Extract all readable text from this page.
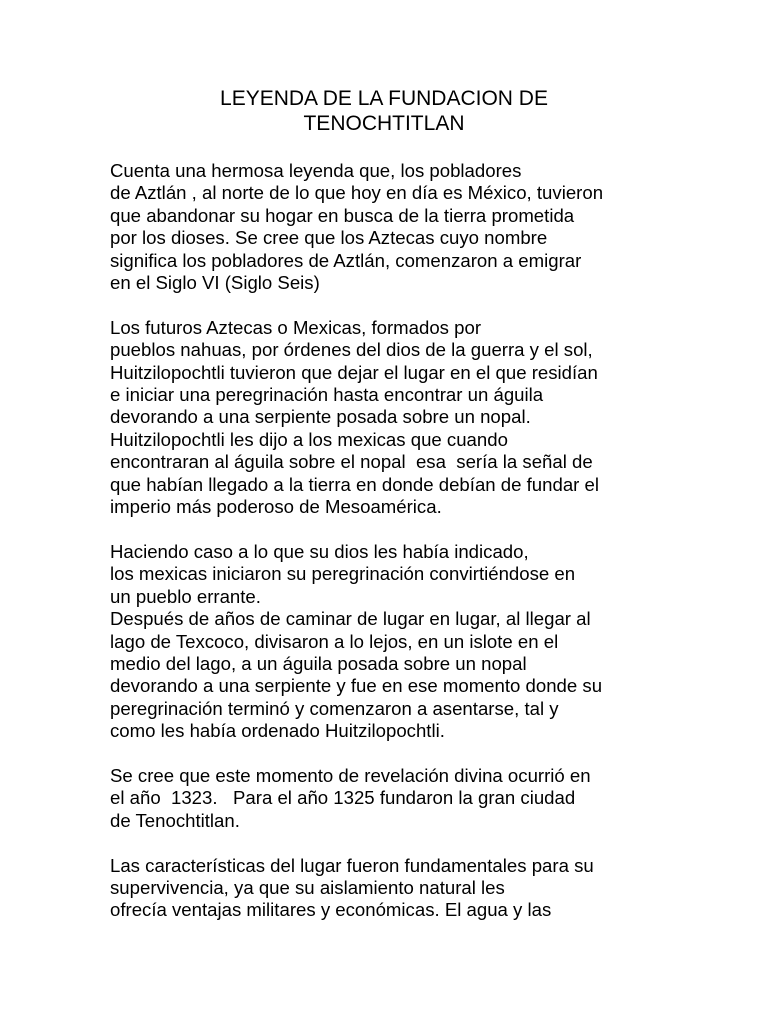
LEYENDA DE LA FUNDACION DE
TENOCHTITLAN

Cuenta una hermosa leyenda que, los pobladores
de Aztlán , al norte de lo que hoy en día es México, tuvieron
que abandonar su hogar en busca de la tierra prometida
por los dioses. Se cree que los Aztecas cuyo nombre
significa los pobladores de Aztlán, comenzaron a emigrar
en el Siglo VI (Siglo Seis)

Los futuros Aztecas o Mexicas, formados por
pueblos nahuas, por órdenes del dios de la guerra y el sol,
Huitzilopochtli tuvieron que dejar el lugar en el que residían
e iniciar una peregrinación hasta encontrar un águila
devorando a una serpiente posada sobre un nopal.
Huitzilopochtli les dijo a los mexicas que cuando
encontraran al águila sobre el nopal  esa  sería la señal de
que habían llegado a la tierra en donde debían de fundar el
imperio más poderoso de Mesoamérica.

Haciendo caso a lo que su dios les había indicado,
los mexicas iniciaron su peregrinación convirtiéndose en
un pueblo errante.

Después de años de caminar de lugar en lugar, al llegar al
lago de Texcoco, divisaron a lo lejos, en un islote en el
medio del lago, a un águila posada sobre un nopal
devorando a una serpiente y fue en ese momento donde su
peregrinación terminó y comenzaron a asentarse, tal y
como les había ordenado Huitzilopochtli.

Se cree que este momento de revelación divina ocurrió en
el año  1323.   Para el año 1325 fundaron la gran ciudad
de Tenochtitlan.

Las características del lugar fueron fundamentales para su
supervivencia, ya que su aislamiento natural les
ofrecía ventajas militares y económicas. El agua y las
